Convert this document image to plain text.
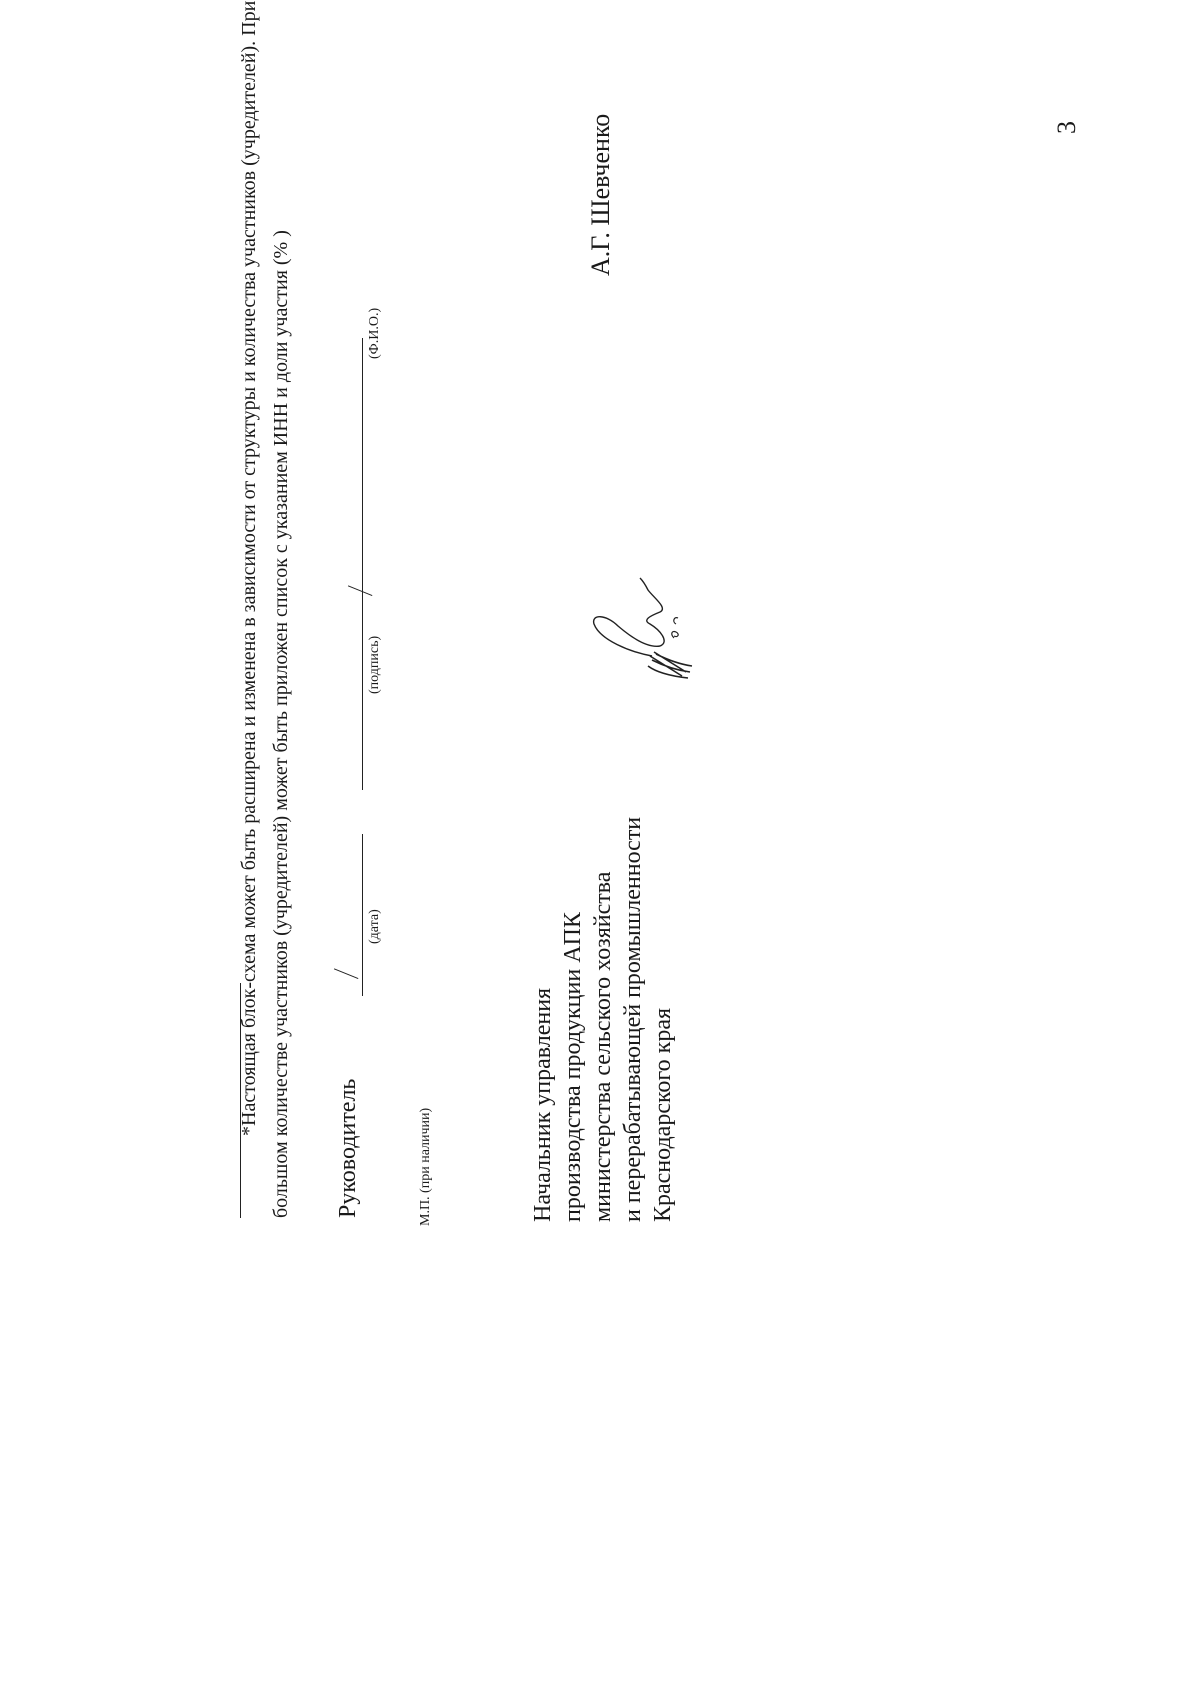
3
*Настоящая блок-схема может быть расширена и изменена в зависимости от структуры и количества участников (учредителей). При большом количестве участников (учредителей) может быть приложен список с указанием ИНН и доли участия (% ) Руководитель
(дата)
(подпись)
(Ф.И.О.)
М.П. (при наличии)	Начальник управления производства продукции АПК министерства сельского хозяйства и перерабатывающей промышленности Краснодарского края
А.Г. Шевченко
